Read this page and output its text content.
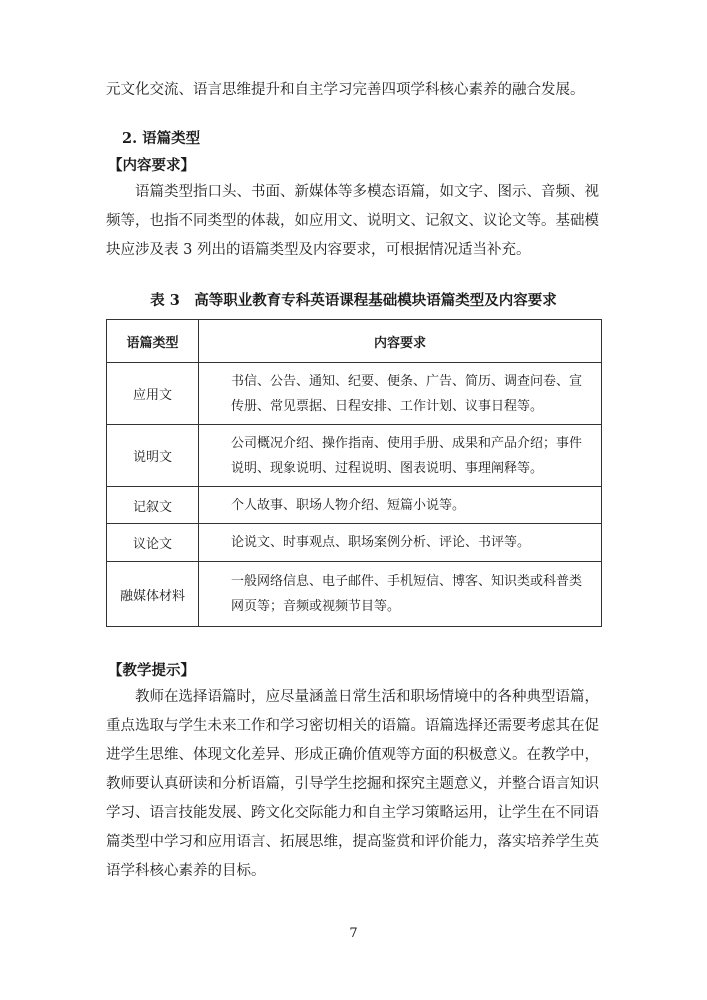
元文化交流、语言思维提升和自主学习完善四项学科核心素养的融合发展。

2. 语篇类型

【内容要求】

语篇类型指口头、书面、新媒体等多模态语篇，如文字、图示、音频、视频等，也指不同类型的体裁，如应用文、说明文、记叙文、议论文等。基础模块应涉及表 3 列出的语篇类型及内容要求，可根据情况适当补充。

表 3　高等职业教育专科英语课程基础模块语篇类型及内容要求

语篇类型	内容要求
应用文	书信、公告、通知、纪要、便条、广告、简历、调查问卷、宣传册、常见票据、日程安排、工作计划、议事日程等。
说明文	公司概况介绍、操作指南、使用手册、成果和产品介绍；事件说明、现象说明、过程说明、图表说明、事理阐释等。
记叙文	个人故事、职场人物介绍、短篇小说等。
议论文	论说文、时事观点、职场案例分析、评论、书评等。
融媒体材料	一般网络信息、电子邮件、手机短信、博客、知识类或科普类网页等；音频或视频节目等。

【教学提示】

教师在选择语篇时，应尽量涵盖日常生活和职场情境中的各种典型语篇，重点选取与学生未来工作和学习密切相关的语篇。语篇选择还需要考虑其在促进学生思维、体现文化差异、形成正确价值观等方面的积极意义。在教学中，教师要认真研读和分析语篇，引导学生挖掘和探究主题意义，并整合语言知识学习、语言技能发展、跨文化交际能力和自主学习策略运用，让学生在不同语篇类型中学习和应用语言、拓展思维，提高鉴赏和评价能力，落实培养学生英语学科核心素养的目标。

7
